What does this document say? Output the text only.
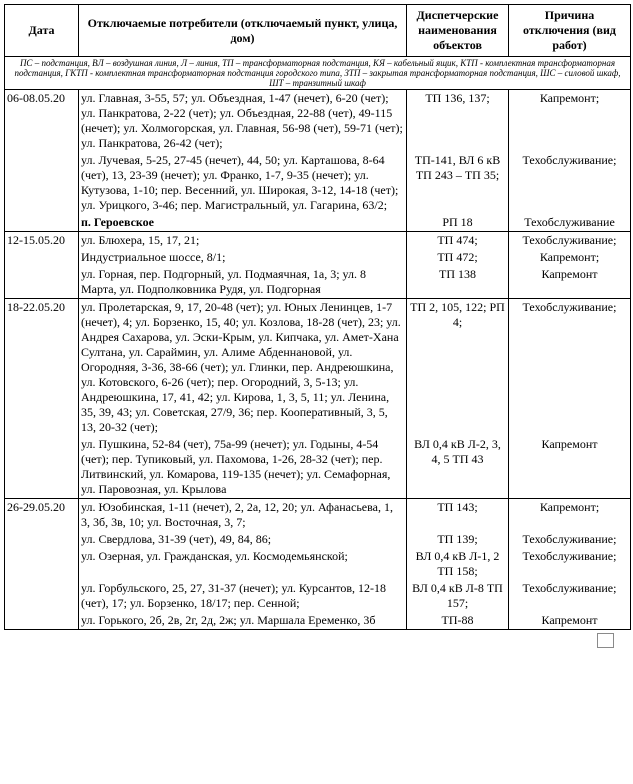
Дата	Отключаемые потребители (отключаемый пункт, улица, дом)	Диспетчерские наименования объектов	Причина отключения (вид работ)
ПС – подстанция, ВЛ – воздушная линия, Л – линия, ТП – трансформаторная подстанция, КЯ – кабельный ящик, КТП - комплектная трансформаторная подстанция, ГКТП - комплектная трансформаторная подстанция городского типа, ЗТП – закрытая трансформаторная подстанция, ШС – силовой шкаф, ШТ – транзитный шкаф			
06-08.05.20	ул. Главная, 3-55, 57; ул. Объездная, 1-47 (нечет), 6-20 (чет); ул. Панкратова, 2-22 (чет); ул. Объездная, 22-88 (чет), 49-115 (нечет); ул. Холмогорская, ул. Главная, 56-98 (чет), 59-71 (чет); ул. Панкратова, 26-42 (чет);	ТП 136, 137;	Капремонт;
	ул. Лучевая, 5-25, 27-45 (нечет), 44, 50; ул. Карташова, 8-64 (чет), 13, 23-39 (нечет); ул. Франко, 1-7, 9-35 (нечет); ул. Кутузова, 1-10; пер. Весенний, ул. Широкая, 3-12, 14-18 (чет); ул. Урицкого, 3-46; пер. Магистральный, ул. Гагарина, 63/2;	ТП-141, ВЛ 6 кВ ТП 243 – ТП 35;	Техобслуживание;
	п. Героевское	РП 18	Техобслуживание
12-15.05.20	ул. Блюхера, 15, 17, 21;	ТП 474;	Техобслуживание;
	Индустриальное шоссе, 8/1;	ТП 472;	Капремонт;
	ул. Горная, пер. Подгорный, ул. Подмаячная, 1а, 3; ул. 8 Марта, ул. Подполковника Рудя, ул. Подгорная	ТП 138	Капремонт
18-22.05.20	ул. Пролетарская, 9, 17, 20-48 (чет); ул. Юных Ленинцев, 1-7 (нечет), 4; ул. Борзенко, 15, 40; ул. Козлова, 18-28 (чет), 23; ул. Андрея Сахарова, ул. Эски-Крым, ул. Кипчака, ул. Амет-Хана Султана, ул. Сараймин, ул. Алиме Абденнановой, ул. Огородняя, 3-36, 38-66 (чет); ул. Глинки, пер. Андреюшкина, ул. Котовского, 6-26 (чет); пер. Огородний, 3, 5-13; ул. Андреюшкина, 17, 41, 42; ул. Кирова, 1, 3, 5, 11; ул. Ленина, 35, 39, 43; ул. Советская, 27/9, 36; пер. Кооперативный, 3, 5, 13, 20-32 (чет);	ТП 2, 105, 122; РП 4;	Техобслуживание;
	ул. Пушкина, 52-84 (чет), 75а-99 (нечет); ул. Годыны, 4-54 (чет); пер. Тупиковый, ул. Пахомова, 1-26, 28-32 (чет); пер. Литвинский, ул. Комарова, 119-135 (нечет); ул. Семафорная, ул. Паровозная, ул. Крылова	ВЛ 0,4 кВ Л-2, 3, 4, 5 ТП 43	Капремонт
26-29.05.20	ул. Юзобинская, 1-11 (нечет), 2, 2а, 12, 20; ул. Афанасьева, 1, 3, 3б, 3в, 10; ул. Восточная, 3, 7;	ТП 143;	Капремонт;
	ул. Свердлова, 31-39 (чет), 49, 84, 86;	ТП 139;	Техобслуживание;
	ул. Озерная, ул. Гражданская, ул. Космодемьянской;	ВЛ 0,4 кВ Л-1, 2 ТП 158;	Техобслуживание;
	ул. Горбульского, 25, 27, 31-37 (нечет); ул. Курсантов, 12-18 (чет), 17; ул. Борзенко, 18/17; пер. Сенной;	ВЛ 0,4 кВ Л-8 ТП 157;	Техобслуживание;
	ул. Горького, 2б, 2в, 2г, 2д, 2ж; ул. Маршала Еременко, 3б	ТП-88	Капремонт
